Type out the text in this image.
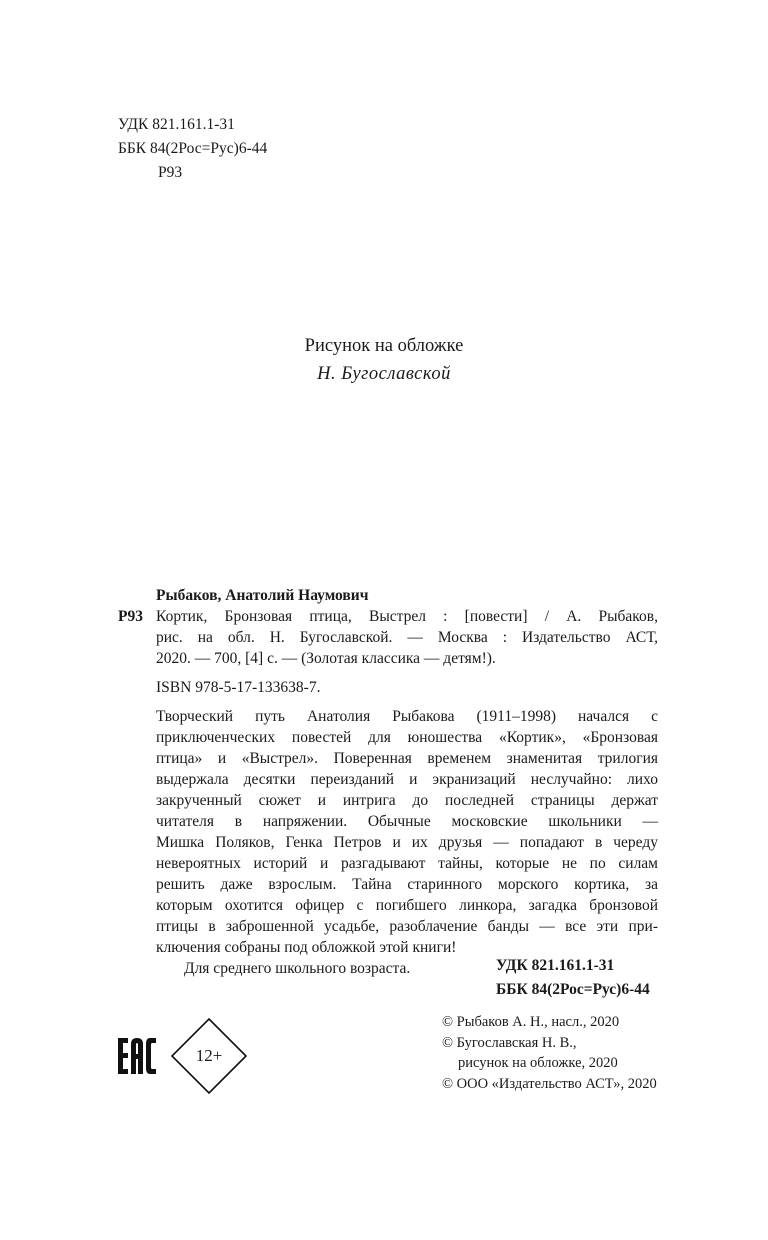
УДК 821.161.1-31
ББК 84(2Рос=Рус)6-44
Р93
Рисунок на обложке
Н. Бугославской
Рыбаков, Анатолий Наумович
Р93 Кортик, Бронзовая птица, Выстрел : [повести] / А. Рыбаков,
рис. на обл. Н. Бугославской. — Москва : Издательство АСТ,
2020. — 700, [4] с. — (Золотая классика — детям!).
ISBN 978-5-17-133638-7.
Творческий путь Анатолия Рыбакова (1911–1998) начался с
приключенческих повестей для юношества «Кортик», «Бронзовая
птица» и «Выстрел». Поверенная временем знаменитая трилогия
выдержала десятки переизданий и экранизаций неслучайно: лихо
закрученный сюжет и интрига до последней страницы держат
читателя в напряжении. Обычные московские школьники —
Мишка Поляков, Генка Петров и их друзья — попадают в череду
невероятных историй и разгадывают тайны, которые не по силам
решить даже взрослым. Тайна старинного морского кортика, за
которым охотится офицер с погибшего линкора, загадка бронзовой
птицы в заброшенной усадьбе, разоблачение банды — все эти при-
ключения собраны под обложкой этой книги!
Для среднего школьного возраста.	УДК 821.161.1-31
ББК 84(2Рос=Рус)6-44
© Рыбаков А. Н., насл., 2020
© Бугославская Н. В.,
рисунок на обложке, 2020
© ООО «Издательство АСТ», 2020
12+
